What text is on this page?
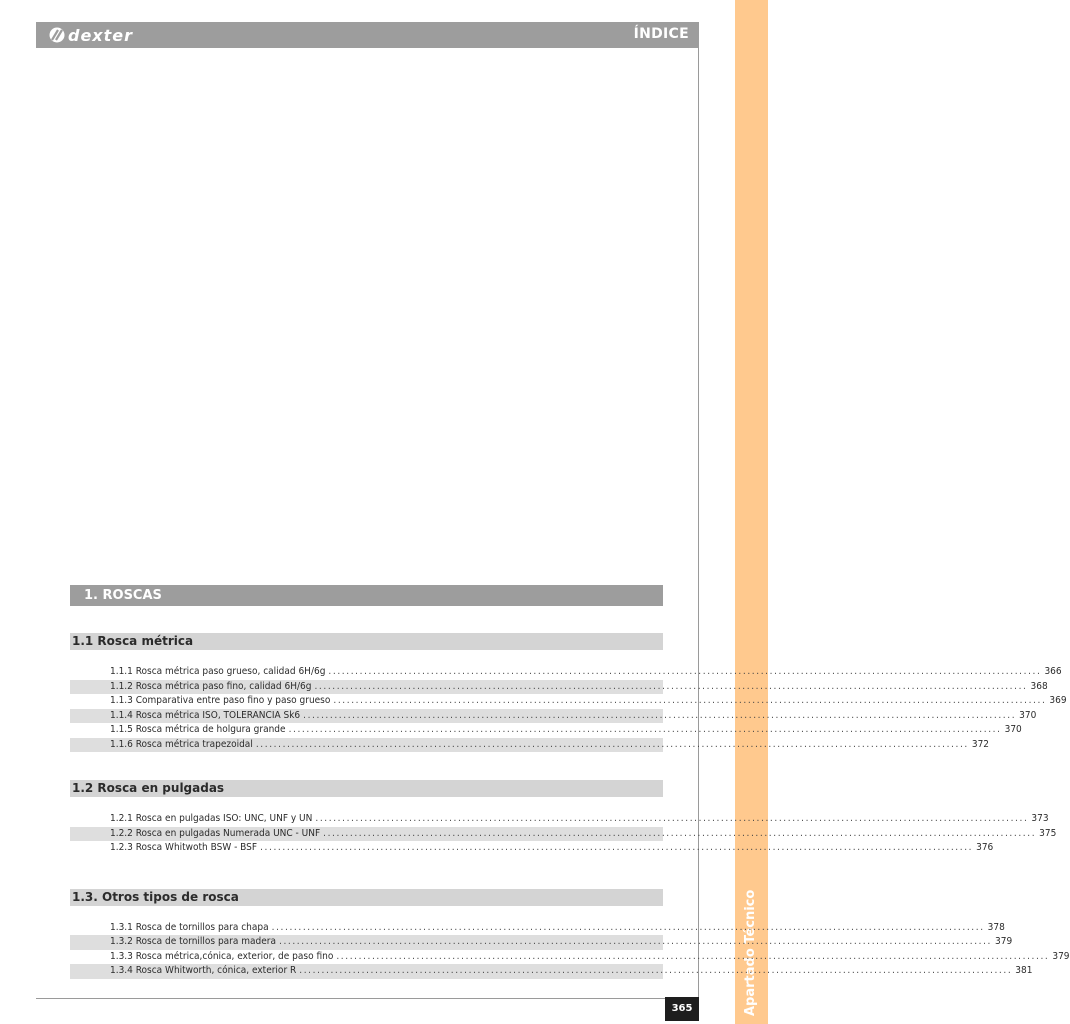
dexter	ÍNDICE
Apartado Técnico
365
1. ROSCAS
1.1 Rosca métrica
1.1.1 Rosca métrica paso grueso, calidad 6H/6g ................................................................................................................................................................ 366
1.1.2 Rosca métrica paso fino, calidad 6H/6g ................................................................................................................................................................ 368
1.1.3 Comparativa entre paso fino y paso grueso ................................................................................................................................................................ 369
1.1.4 Rosca métrica ISO, TOLERANCIA Sk6 ................................................................................................................................................................ 370
1.1.5 Rosca métrica de holgura grande ................................................................................................................................................................ 370
1.1.6 Rosca métrica trapezoidal ................................................................................................................................................................ 372
1.2 Rosca en pulgadas
1.2.1 Rosca en pulgadas ISO: UNC, UNF y UN ................................................................................................................................................................ 373
1.2.2 Rosca en pulgadas Numerada UNC - UNF ................................................................................................................................................................ 375
1.2.3 Rosca Whitwoth BSW - BSF ................................................................................................................................................................ 376
1.3. Otros tipos de rosca
1.3.1 Rosca de tornillos para chapa ................................................................................................................................................................ 378
1.3.2 Rosca de tornillos para madera ................................................................................................................................................................ 379
1.3.3 Rosca métrica,cónica, exterior, de paso fino ................................................................................................................................................................ 379
1.3.4 Rosca Whitworth, cónica, exterior R ................................................................................................................................................................ 381
